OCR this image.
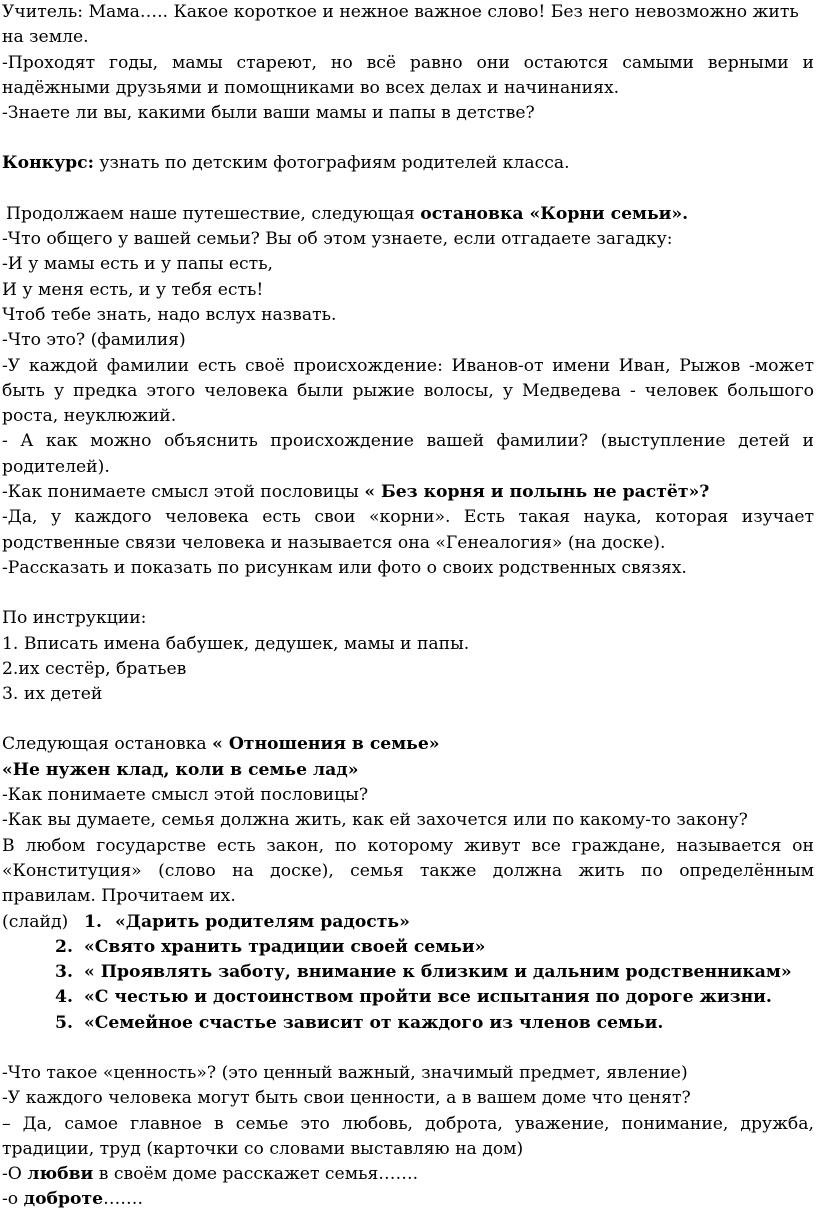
Учитель: Мама….. Какое короткое и нежное важное слово! Без него невозможно жить на земле.

-Проходят годы, мамы стареют, но всё равно они остаются самыми верными и надёжными друзьями и помощниками во всех делах и начинаниях.

-Знаете ли вы, какими были ваши мамы и папы в детстве?

Конкурс: узнать по детским фотографиям родителей класса.

Продолжаем наше путешествие, следующая остановка «Корни семьи».

-Что общего у вашей семьи? Вы об этом узнаете, если отгадаете загадку:

-И у мамы есть и у папы есть,

И у меня есть, и у тебя есть!

Чтоб тебе знать, надо вслух назвать.

-Что это? (фамилия)

-У каждой фамилии есть своё происхождение: Иванов-от имени Иван, Рыжов -может быть у предка этого человека были рыжие волосы, у Медведева - человек большого роста, неуклюжий.

- А как можно объяснить происхождение вашей фамилии? (выступление детей и родителей).

-Как понимаете смысл этой пословицы « Без корня и полынь не растёт»?

-Да, у каждого человека есть свои «корни». Есть такая наука, которая изучает родственные связи человека и называется она «Генеалогия» (на доске).

-Рассказать и показать по рисункам или фото о своих родственных связях.

По инструкции:

1. Вписать имена бабушек, дедушек, мамы и папы.

2.их сестёр, братьев

3. их детей

Следующая остановка « Отношения в семье»

«Не нужен клад, коли в семье лад»

-Как понимаете смысл этой пословицы?

-Как вы думаете, семья должна жить, как ей захочется или по какому-то закону?

В любом государстве есть закон, по которому живут все граждане, называется он «Конституция» (слово на доске), семья также должна жить по определённым правилам. Прочитаем их.

(слайд) 1. «Дарить родителям радость»
2. «Свято хранить традиции своей семьи»
3. « Проявлять заботу, внимание к близким и дальним родственникам»
4. «С честью и достоинством пройти все испытания по дороге жизни.
5. «Семейное счастье зависит от каждого из членов семьи.

-Что такое «ценность»? (это ценный важный, значимый предмет, явление)

-У каждого человека могут быть свои ценности, а в вашем доме что ценят?

– Да, самое главное в семье это любовь, доброта, уважение, понимание, дружба, традиции, труд (карточки со словами выставляю на дом)

-О любви в своём доме расскажет семья…….

-о доброте…….
